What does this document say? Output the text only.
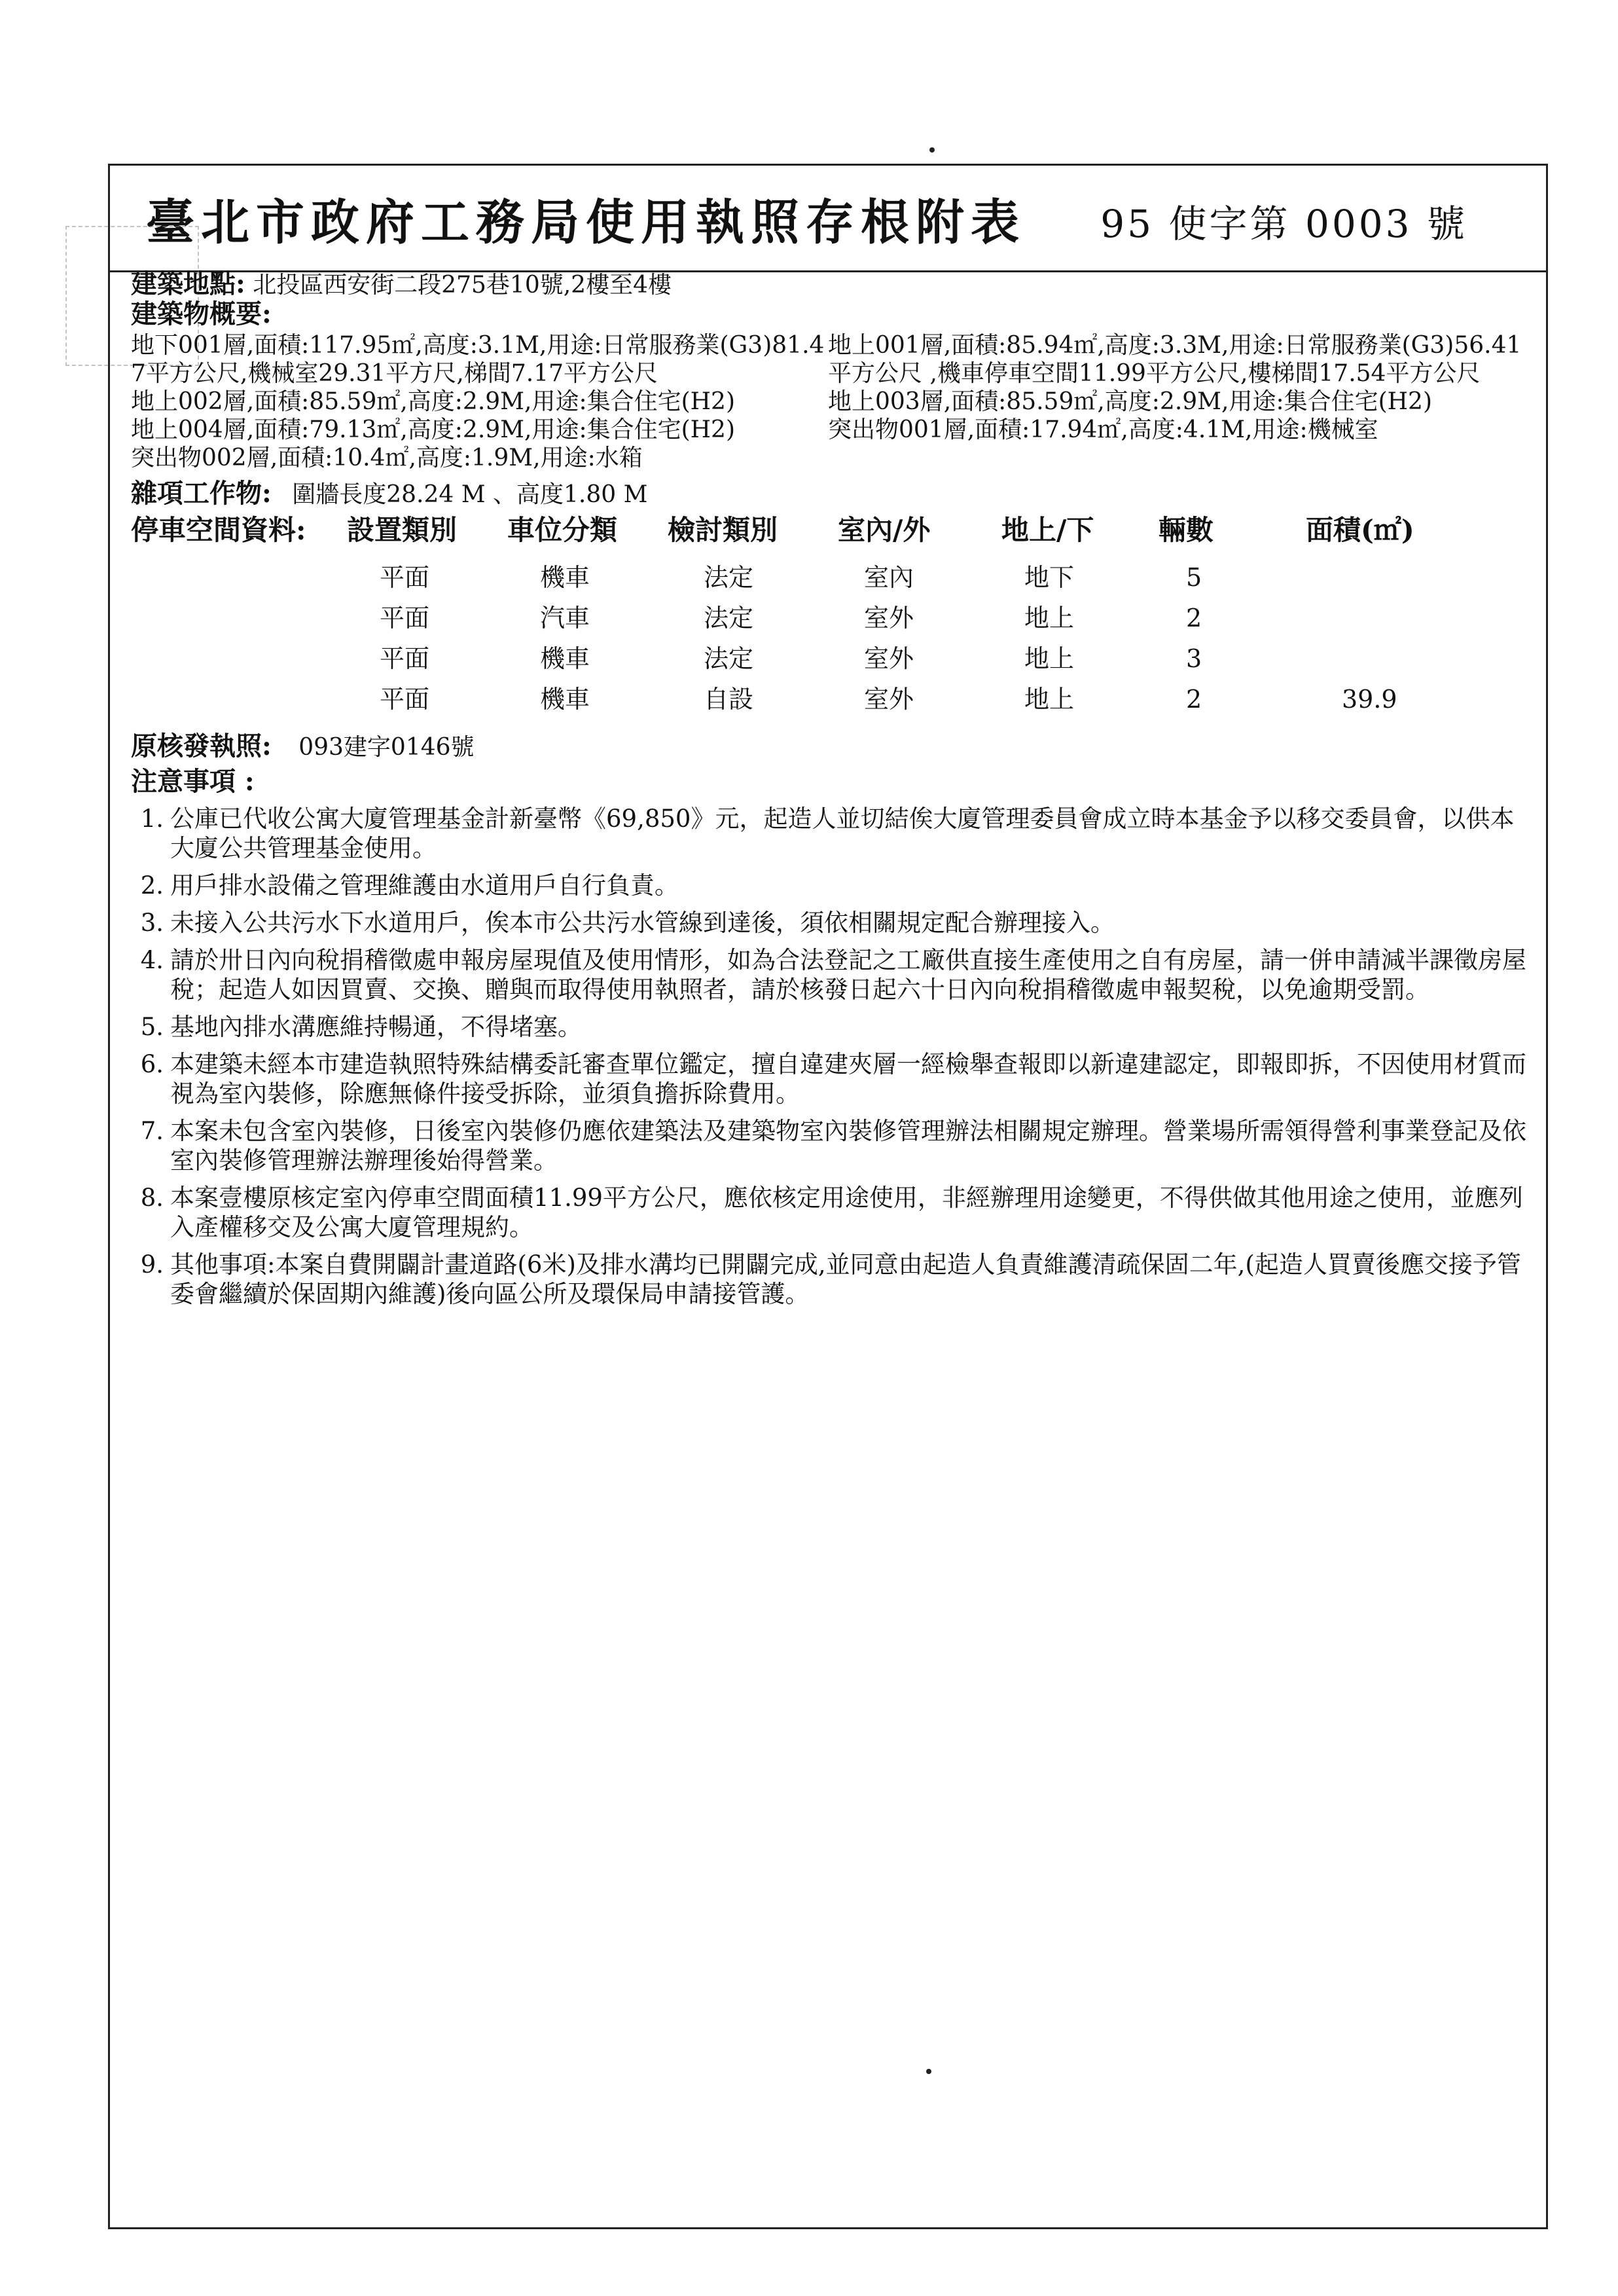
臺北市政府工務局使用執照存根附表 95 使字第 0003 號
建築地點: 北投區西安街二段275巷10號,2樓至4樓
建築物概要:
地下001層,面積:117.95㎡,高度:3.1M,用途:日常服務業(G3)81.4
7平方公尺,機械室29.31平方尺,梯間7.17平方公尺
地上002層,面積:85.59㎡,高度:2.9M,用途:集合住宅(H2)
地上004層,面積:79.13㎡,高度:2.9M,用途:集合住宅(H2)
突出物002層,面積:10.4㎡,高度:1.9M,用途:水箱
地上001層,面積:85.94㎡,高度:3.3M,用途:日常服務業(G3)56.41
平方公尺 ,機車停車空間11.99平方公尺,樓梯間17.54平方公尺
地上003層,面積:85.59㎡,高度:2.9M,用途:集合住宅(H2)
突出物001層,面積:17.94㎡,高度:4.1M,用途:機械室
雜項工作物: 圍牆長度28.24 M 、高度1.80 M
停車空間資料: 設置類別 車位分類 檢討類別 室內/外	地上/下 輛數	面積(㎡)
平面	機車	法定	室內	地下	5
平面	汽車	法定	室外	地上	2
平面	機車	法定	室外	地上	3
平面	機車	自設	室外	地上	2	39.9
原核發執照: 093建字0146號
注意事項 :
1. 公庫已代收公寓大廈管理基金計新臺幣《69,850》元，起造人並切結俟大廈管理委員會成立時本基金予以移交委員會，以供本大廈公共管理基金使用。
2. 用戶排水設備之管理維護由水道用戶自行負責。
3. 未接入公共污水下水道用戶，俟本市公共污水管線到達後，須依相關規定配合辦理接入。
4. 請於卅日內向稅捐稽徵處申報房屋現值及使用情形，如為合法登記之工廠供直接生產使用之自有房屋，請一併申請減半課徵房屋稅；起造人如因買賣、交換、贈與而取得使用執照者，請於核發日起六十日內向稅捐稽徵處申報契稅，以免逾期受罰。
5. 基地內排水溝應維持暢通，不得堵塞。
6. 本建築未經本市建造執照特殊結構委託審查單位鑑定，擅自違建夾層一經檢舉查報即以新違建認定，即報即拆，不因使用材質而視為室內裝修，除應無條件接受拆除，並須負擔拆除費用。
7. 本案未包含室內裝修，日後室內裝修仍應依建築法及建築物室內裝修管理辦法相關規定辦理。營業場所需領得營利事業登記及依室內裝修管理辦法辦理後始得營業。
8. 本案壹樓原核定室內停車空間面積11.99平方公尺，應依核定用途使用，非經辦理用途變更，不得供做其他用途之使用，並應列入產權移交及公寓大廈管理規約。
9. 其他事項:本案自費開闢計畫道路(6米)及排水溝均已開闢完成,並同意由起造人負責維護清疏保固二年,(起造人買賣後應交接予管委會繼續於保固期內維護)後向區公所及環保局申請接管護。
